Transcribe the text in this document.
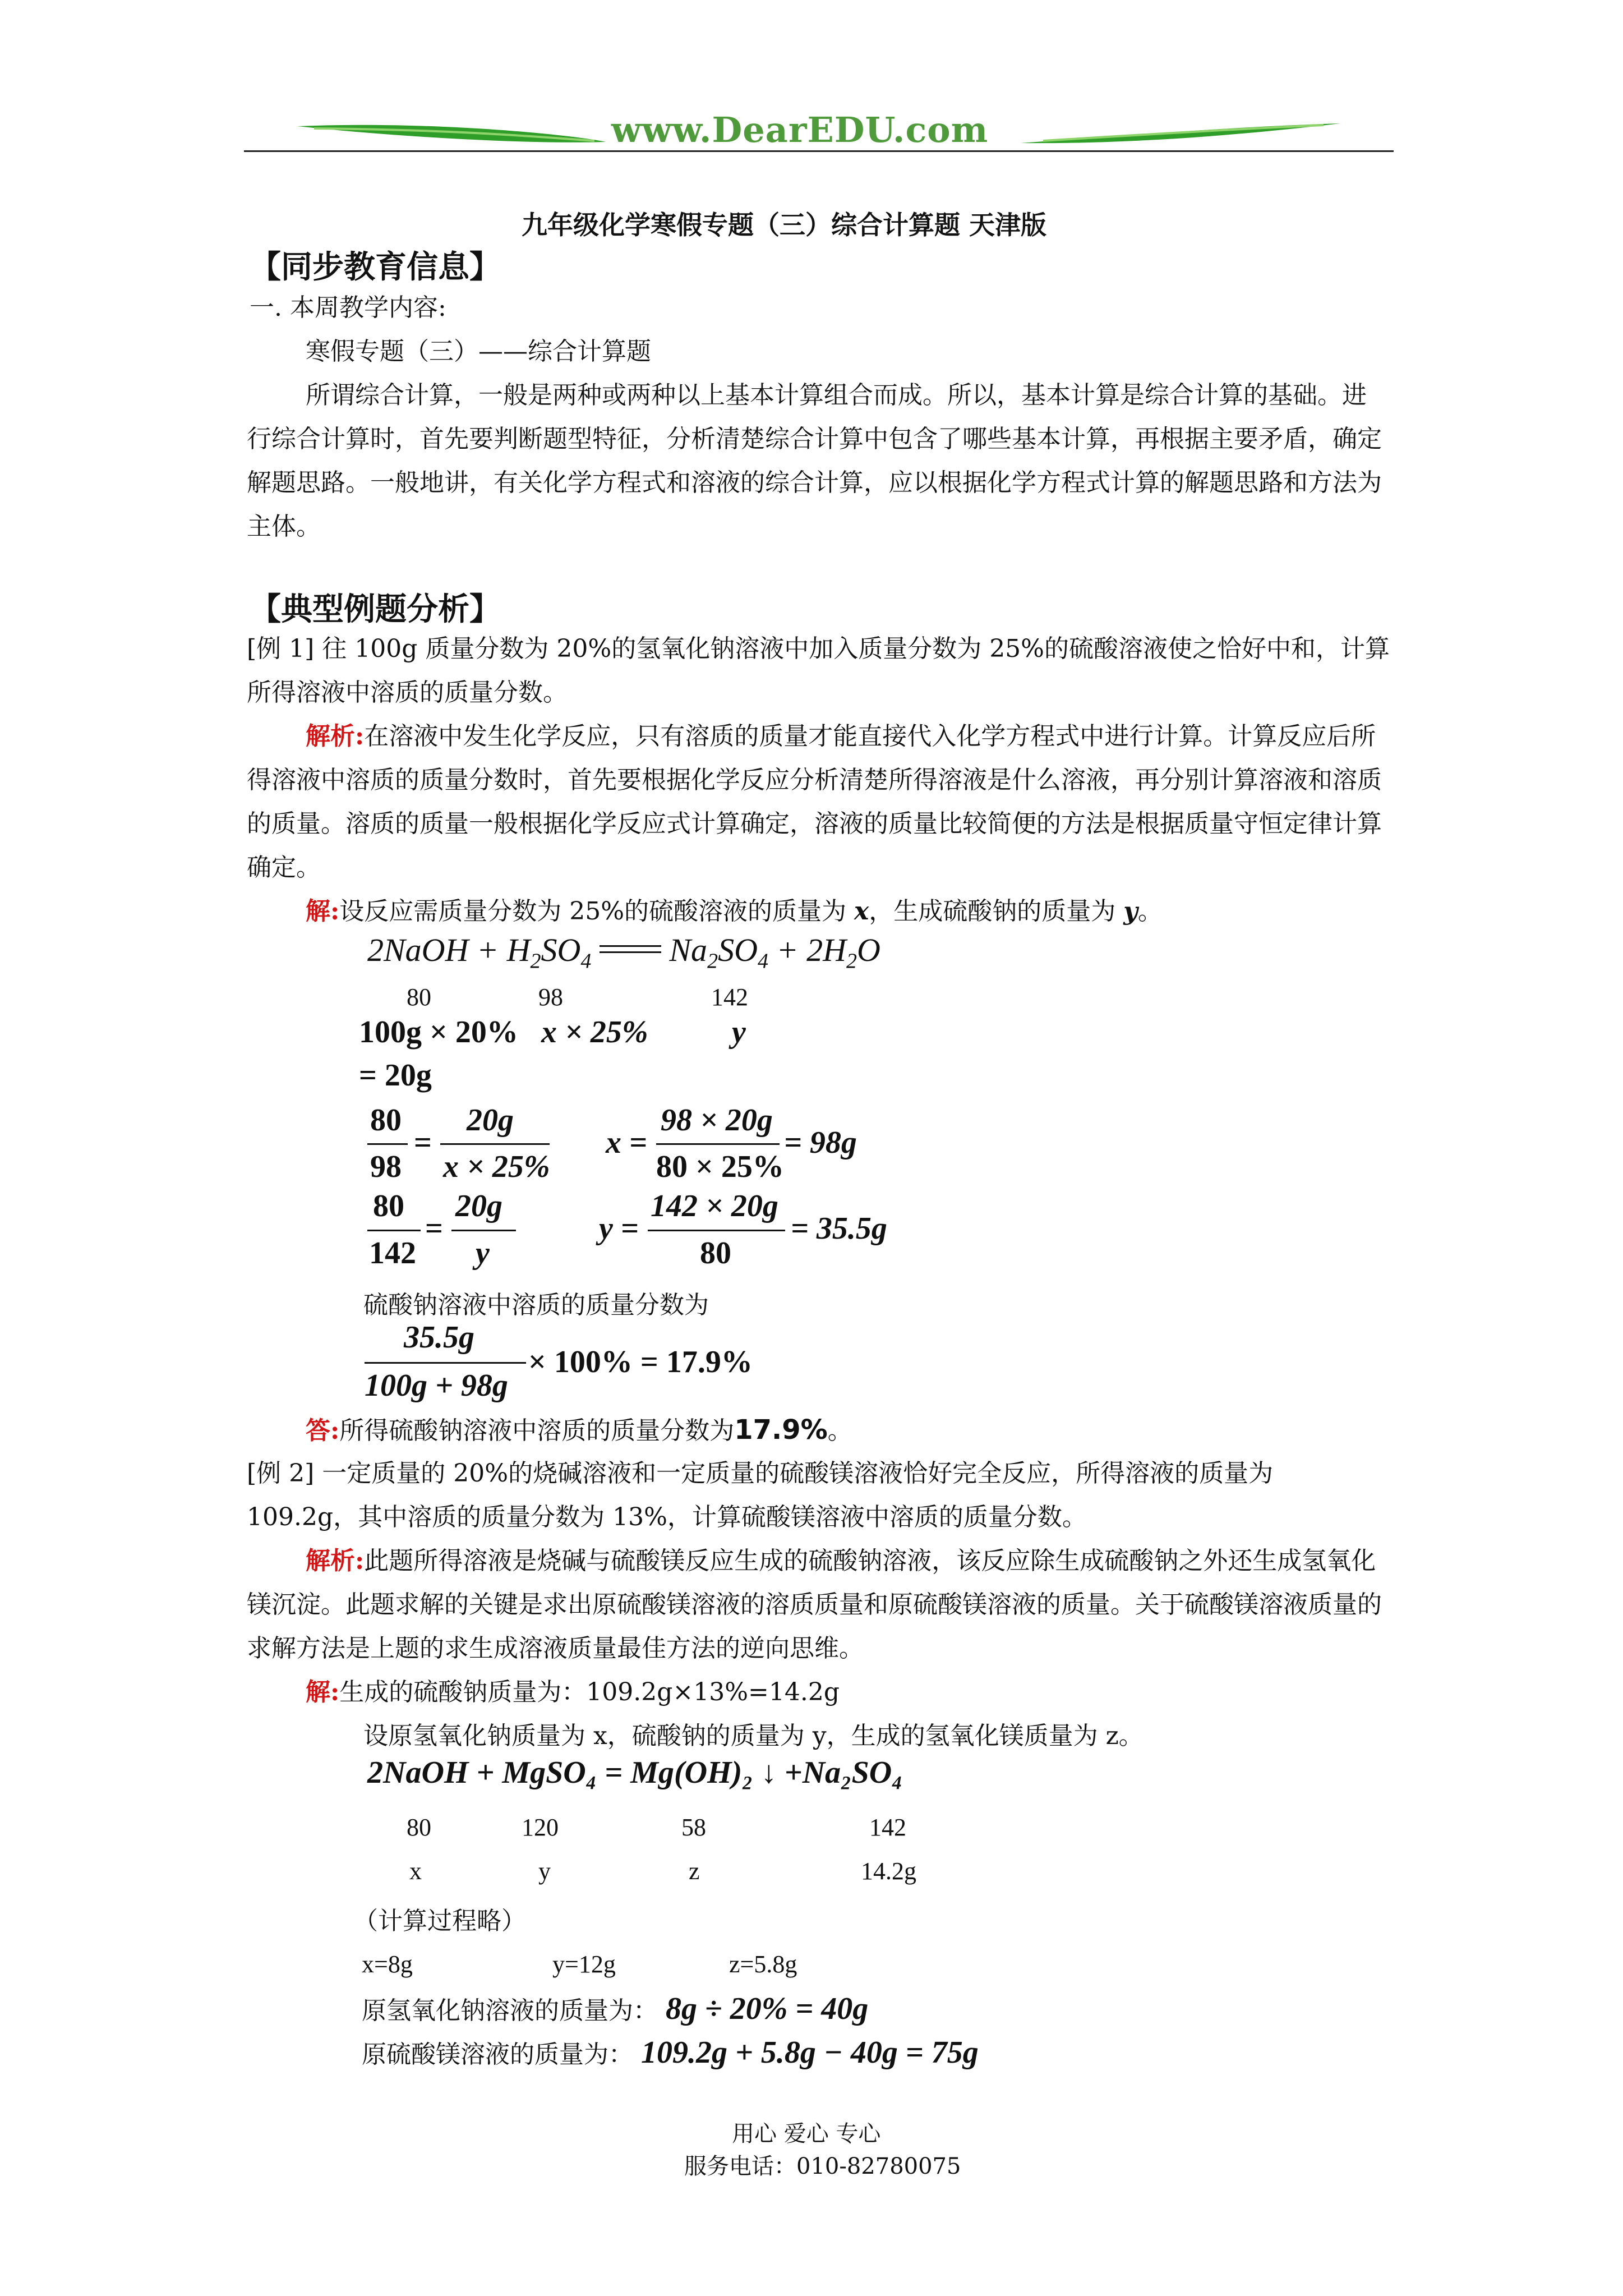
www.DearEDU.com
九年级化学寒假专题（三）综合计算题 天津版
【同步教育信息】
一. 本周教学内容:
寒假专题（三）——综合计算题
所谓综合计算，一般是两种或两种以上基本计算组合而成。所以，基本计算是综合计算的基础。进行综合计算时，首先要判断题型特征，分析清楚综合计算中包含了哪些基本计算，再根据主要矛盾，确定解题思路。一般地讲，有关化学方程式和溶液的综合计算，应以根据化学方程式计算的解题思路和方法为主体。
【典型例题分析】
[例 1] 往 100g 质量分数为 20%的氢氧化钠溶液中加入质量分数为 25%的硫酸溶液使之恰好中和，计算所得溶液中溶质的质量分数。
解析:在溶液中发生化学反应，只有溶质的质量才能直接代入化学方程式中进行计算。计算反应后所得溶液中溶质的质量分数时，首先要根据化学反应分析清楚所得溶液是什么溶液，再分别计算溶液和溶质的质量。溶质的质量一般根据化学反应式计算确定，溶液的质量比较简便的方法是根据质量守恒定律计算确定。
解:设反应需质量分数为 25%的硫酸溶液的质量为 x，生成硫酸钠的质量为 y。
2NaOH + $H_2SO_4$ $Na_2SO_4 + 2H_2O$
80	98	142
100g × 20% x × 25%	y
= 20g
80
98
=
20g
x × 25%
x =
98 × 20g
80 × 25%
= 98g
80
142
=
20g
y
y =
142 × 20g
80
= 35.5g
硫酸钠溶液中溶质的质量分数为
35.5g
100g + 98g
× 100% = 17.9%
答:所得硫酸钠溶液中溶质的质量分数为17.9%。
[例 2] 一定质量的 20%的烧碱溶液和一定质量的硫酸镁溶液恰好完全反应，所得溶液的质量为 109.2g，其中溶质的质量分数为 13%，计算硫酸镁溶液中溶质的质量分数。
解析:此题所得溶液是烧碱与硫酸镁反应生成的硫酸钠溶液，该反应除生成硫酸钠之外还生成氢氧化镁沉淀。此题求解的关键是求出原硫酸镁溶液的溶质质量和原硫酸镁溶液的质量。关于硫酸镁溶液质量的求解方法是上题的求生成溶液质量最佳方法的逆向思维。
解:生成的硫酸钠质量为：109.2g×13%=14.2g
设原氢氧化钠质量为 x，硫酸钠的质量为 y，生成的氢氧化镁质量为 z。
2NaOH + MgSO₄ = Mg(OH)₂ ↓ +Na₂SO₄
80	120	58	142
x	y	z	14.2g
（计算过程略）
x=8g	y=12g	z=5.8g
原氢氧化钠溶液的质量为： 8g ÷ 20% = 40g
原硫酸镁溶液的质量为： 109.2g + 5.8g − 40g = 75g
用心 爱心 专心
服务电话：010-82780075
